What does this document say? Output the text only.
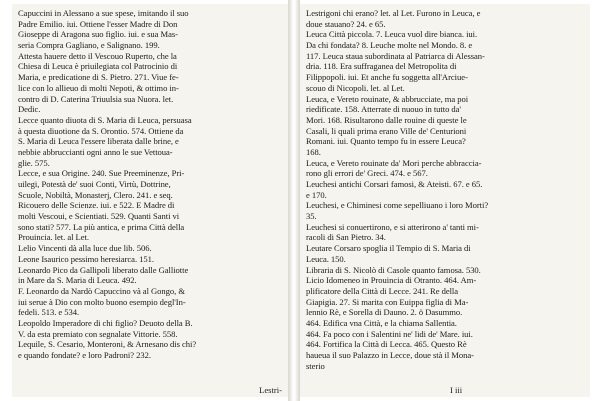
Capuccini in Alessano a sue spese, imitando il suo
Padre Emilio. iui. Ottiene l'esser Madre di Don
Gioseppe di Aragona suo figlio. iui. e sua Mas-
seria Compra Gagliano, e Salignano. 199.
Attesta hauere detto il Vescouo Ruperto, che la
Chiesa di Leuca è priuilegiata col Patrocinio di
Maria, e predicatione di S. Pietro. 271. Viue fe-
lice con lo allieuo di molti Nepoti, & ottimo in-
contro di D. Caterina Triuulsia sua Nuora. let.
Dedic.
Lecce quanto diuota di S. Maria di Leuca, persuasa
à questa diuotione da S. Orontio. 574. Ottiene da
S. Maria di Leuca l'essere liberata dalle brine, e
nebbie abbruccianti ogni anno le sue Vettoua-
glie. 575.
Lecce, e sua Origine. 240. Sue Preeminenze, Pri-
uilegi, Potestà de' suoi Conti, Virtù, Dottrine,
Scuole, Nobiltà, Monasterj, Clero. 241. e seq.
Ricouero delle Scienze. iui. e 522. E Madre di
molti Vescoui, e Scientiati. 529. Quanti Santi vi
sono stati? 577. La più antica, e prima Città della
Prouincia. let. al Let.
Lelio Vincenti dà alla luce due lib. 506.
Leone Isaurico pessimo heresiarca. 151.
Leonardo Pico da Gallipoli liberato dalle Galliotte
in Mare da S. Maria di Leuca. 492.
F. Leonardo da Nardò Capuccino và al Gongo, &
iui serue à Dio con molto buono esempio degl'In-
fedeli. 513. e 534.
Leopoldo Imperadore di chi figlio? Deuoto della B.
V. da esta premiato con segnalate Vittorie. 558.
Lequile, S. Cesario, Monteroni, & Arnesano dis chi?
e quando fondate? e loro Padroni? 232.
Lestri-
Lestrigoni chi erano? let. al Let. Furono in Leuca, e
doue stauano? 24. e 65.
Leuca Città piccola. 7. Leuca vuol dire bianca. iui.
Da chi fondata? 8. Leuche molte nel Mondo. 8. e
117. Leuca staua subordinata al Patriarca di Alessan-
dria. 118. Era suffraganea del Metropolita di
Filippopoli. iui. Et anche fu soggetta all'Arciue-
scouo di Nicopoli. let. al Let.
Leuca, e Vereto rouinate, & abbrucciate, ma poi
riedificate. 158. Atterrate di nuouo in tutto da'
Mori. 168. Risultarono dalle rouine di queste le
Casali, li quali prima erano Ville de' Centurioni
Romani. iui. Quanto tempo fu in essere Leuca?
168.
Leuca, e Vereto rouinate da' Mori perche abbraccia-
rono gli errori de' Greci. 474. e 567.
Leuchesi antichi Corsari famosi, & Ateisti. 67. e 65.
e 170.
Leuchesi, e Chiminesi come sepelliuano i loro Morti?
35.
Leuchesi si conuertirono, e si atterirono a' tanti mi-
racoli di San Pietro. 34.
Leutare Corsaro spoglia il Tempio di S. Maria di
Leuca. 150.
Libraria di S. Nicolò di Casole quanto famosa. 530.
Licio Idomeneo in Prouincia di Otranto. 464. Am-
plificatore della Città di Lecce. 241. Re della
Giapigia. 27. Si marita con Euippa figlia di Ma-
lennio Rè, e Sorella di Dauno. 2. ö Dasummo.
464. Edifica vna Città, e la chiama Sallentia.
464. Fa poco con i Salentini ne' lidi de' Mare. iui.
464. Fortifica la Città di Lecca. 465. Questo Rè
haueua il suo Palazzo in Lecce, doue stà il Mona-
sterio
I iii
